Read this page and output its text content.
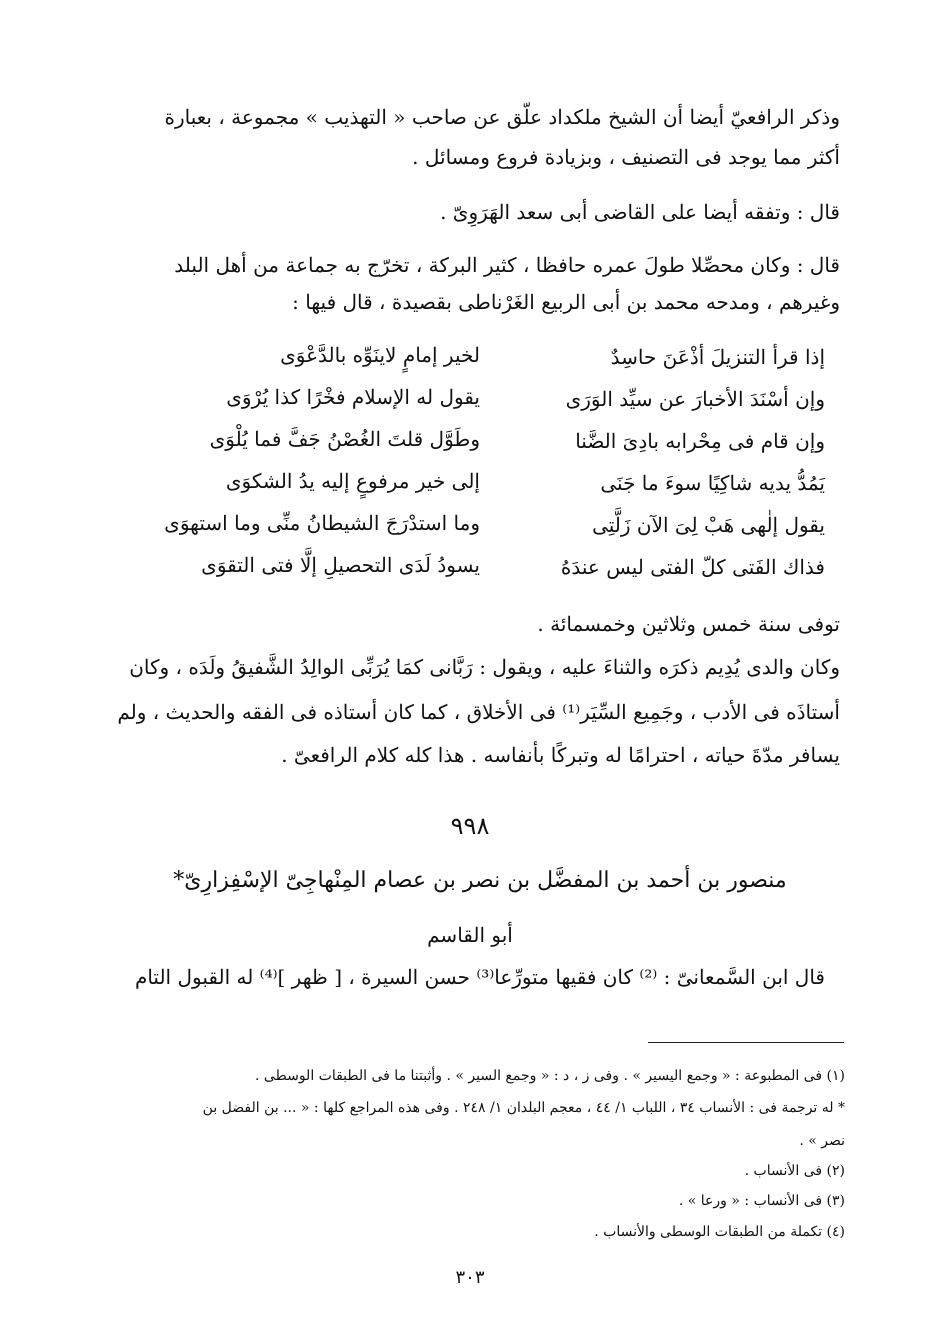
وذكر الرافعيّ أيضا أن الشيخ ملكداد علّق عن صاحب « التهذيب » مجموعة ، بعبارة
أكثر مما يوجد فى التصنيف ، وبزيادة فروع ومسائل .
قال : وتفقه أيضا على القاضى أبى سعد الهَرَوِىّ .
قال : وكان محصِّلا طولَ عمره حافظا ، كثير البركة ، تخرّج به جماعة من أهل البلد
وغيرهم ، ومدحه محمد بن أبى الربيع الغَرْناطى بقصيدة ، قال فيها :
إذا قرأ التنزيلَ أذْعَنَ حاسِدٌ
وإن أسْنَدَ الأخبارَ عن سيِّد الوَرَى
وإن قام فى مِحْرابه بادِىَ الضَّنا
يَمُدُّ يديه شاكِيًا سوءَ ما جَنَى
يقول إلٰهى هَبْ لِىَ الآن زَلَّتِى
فذاك الفَتى كلّ الفتى ليس عندَهُ
لخير إمامٍ لاينَوِّه بالدَّعْوَى
يقول له الإسلام فخْرًا كذا يُرْوَى
وطَوَّل قلتَ الغُصْنُ جَفَّ فما يُلْوَى
إلى خير مرفوعٍ إليه يدُ الشكوَى
وما استدْرَجَ الشيطانُ منِّى وما استهوَى
يسودُ لَدَى التحصيلِ إلَّا فتى التقوَى
توفى سنة خمس وثلاثين وخمسمائة .
وكان والدى يُدِيم ذكرَه والثناءَ عليه ، ويقول : رَبَّانى كمَا يُرَبِّى الوالِدُ الشَّفيقُ ولَدَه ، وكان
أستاذَه فى الأدب ، وجَمِيع السِّيَر⁽¹⁾ فى الأخلاق ، كما كان أستاذه فى الفقه والحديث ، ولم
يسافر مدّةَ حياته ، احترامًا له وتبركًا بأنفاسه . هذا كله كلام الرافعىّ .
٩٩٨
منصور بن أحمد بن المفضَّل بن نصر بن عصام المِنْهاجِىّ الإسْفِزارِىّ*
أبو القاسم
قال ابن السَّمعانىّ : ⁽²⁾ كان فقيها متورِّعا⁽³⁾ حسن السيرة ، [ ظهر ]⁽⁴⁾ له القبول التام
(١) فى المطبوعة : « وجمع اليسير » . وفى ز ، د : « وجمع السير » . وأثبتنا ما فى الطبقات الوسطى .
* له ترجمة فى : الأنساب ٣٤ ، اللباب ١/ ٤٤ ، معجم البلدان ١/ ٢٤٨ . وفى هذه المراجع كلها : « ... بن الفضل بن
نصر » .
(٢) فى الأنساب .
(٣) فى الأنساب : « ورعا » .
(٤) تكملة من الطبقات الوسطى والأنساب .
٣٠٣
